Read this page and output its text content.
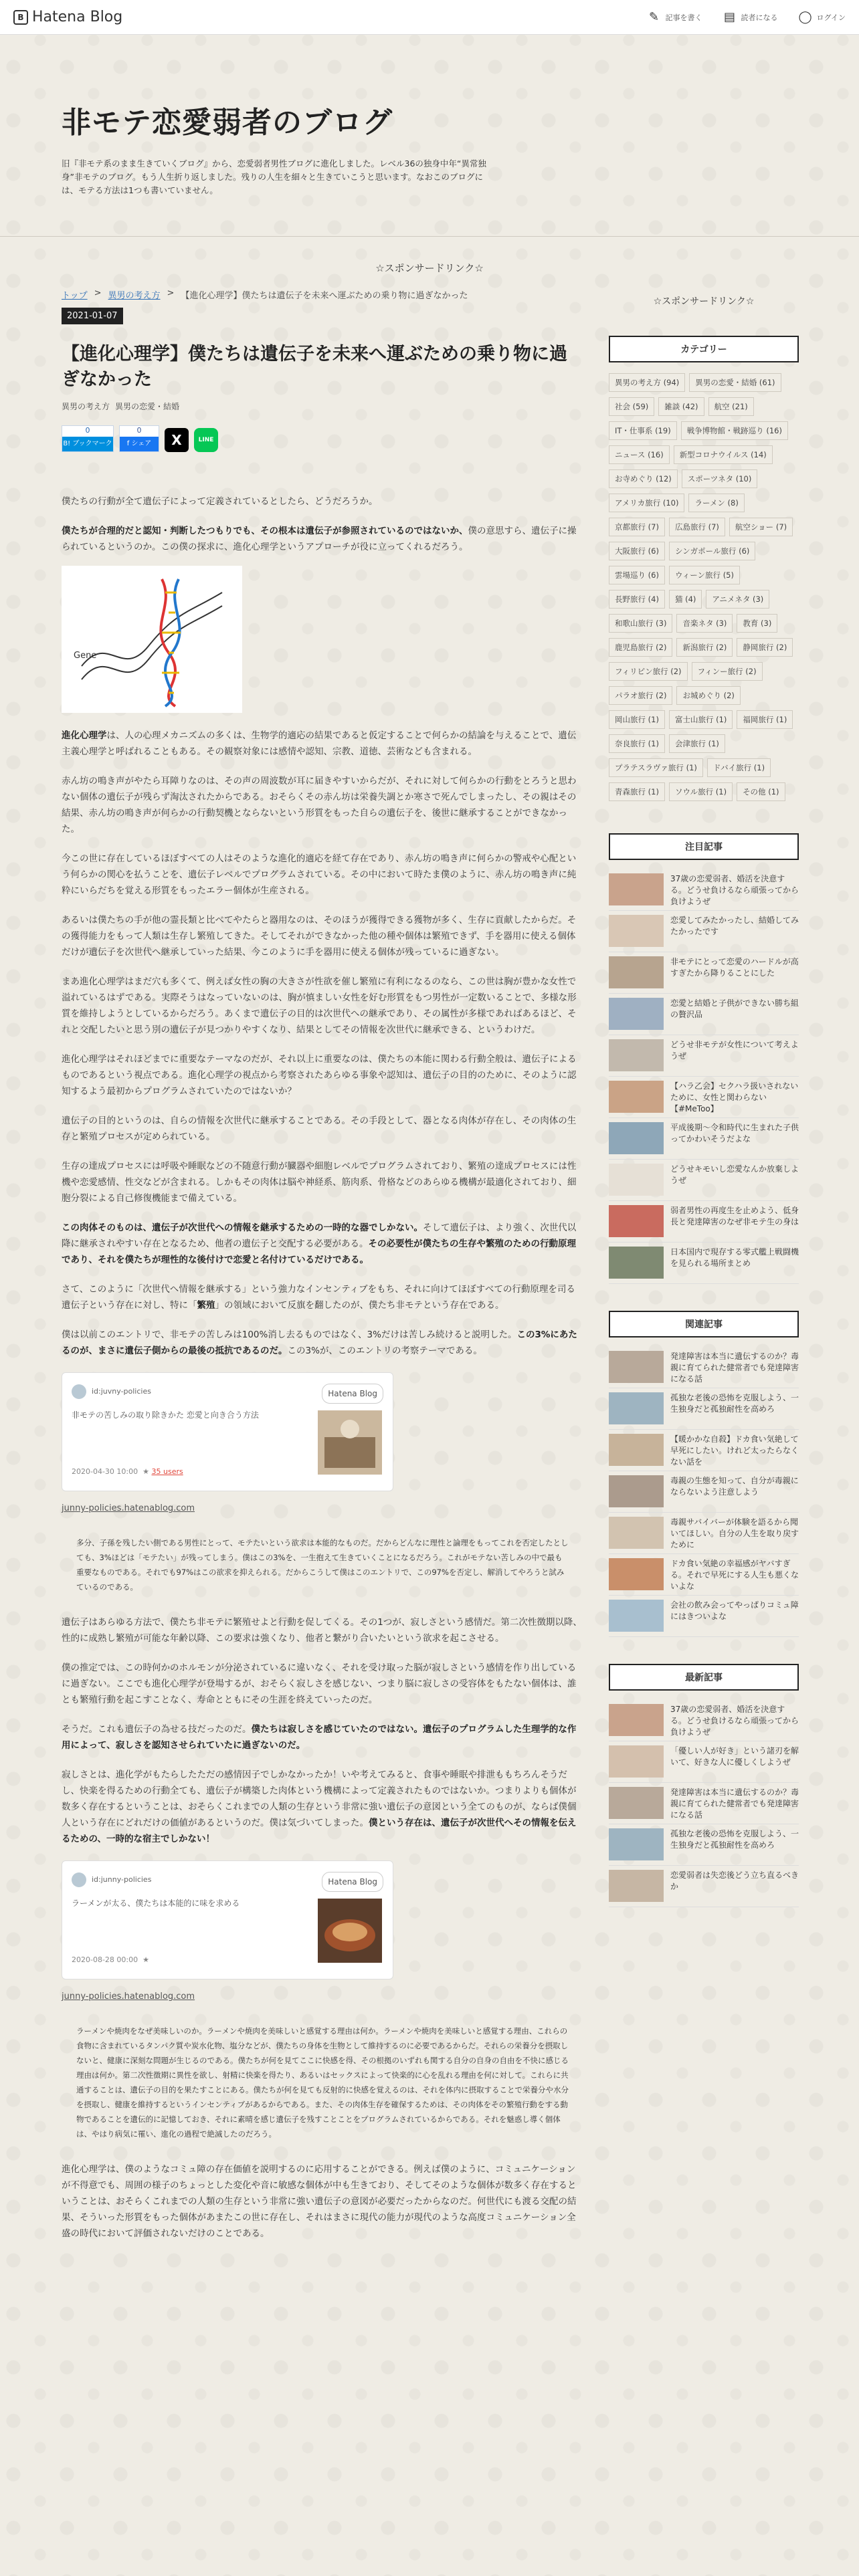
B Hatena Blog	✎ 記事を書く ▤ 読者になる ◯ ログイン
非モテ恋愛弱者のブログ
旧『非モテ系のまま生きていくブログ』から、恋愛弱者男性ブログに進化しました。レベル36の独身中年“異常独身”非モテのブログ。もう人生折り返しました。残りの人生を細々と生きていこうと思います。なおこのブログには、モテる方法は1つも書いていません。
☆スポンサードリンク☆
トップ > 異男の考え方 > 【進化心理学】僕たちは遺伝子を未来へ運ぶための乗り物に過ぎなかった
2021-01-07
【進化心理学】僕たちは遺伝子を未来へ運ぶための乗り物に過ぎなかった
異男の考え方 異男の恋愛・結婚
0
B! ブックマーク
0
f シェア	X	LINE

僕たちの行動が全て遺伝子によって定義されているとしたら、どうだろうか。

僕たちが合理的だと認知・判断したつもりでも、その根本は遺伝子が参照されているのではないか、僕の意思すら、遺伝子に操られているというのか。この僕の探求に、進化心理学というアプローチが役に立ってくれるだろう。

Gene

進化心理学は、人の心理メカニズムの多くは、生物学的適応の結果であると仮定することで何らかの結論を与えることで、遺伝主義心理学と呼ばれることもある。その観察対象には感情や認知、宗教、道徳、芸術なども含まれる。

赤ん坊の鳴き声がやたら耳障りなのは、その声の周波数が耳に届きやすいからだが、それに対して何らかの行動をとろうと思わない個体の遺伝子が残らず淘汰されたからである。おそらくその赤ん坊は栄養失調とか寒さで死んでしまったし、その親はその結果、赤ん坊の鳴き声が何らかの行動契機とならないという形質をもった自らの遺伝子を、後世に継承することができなかった。

今この世に存在しているほぼすべての人はそのような進化的適応を経て存在であり、赤ん坊の鳴き声に何らかの警戒や心配という何らかの関心を払うことを、遺伝子レベルでプログラムされている。その中において時たま僕のように、赤ん坊の鳴き声に純粋にいらだちを覚える形質をもったエラー個体が生産される。

あるいは僕たちの手が他の霊長類と比べてやたらと器用なのは、そのほうが獲得できる獲物が多く、生存に貢献したからだ。その獲得能力をもって人類は生存し繁殖してきた。そしてそれができなかった他の種や個体は繁殖できず、手を器用に使える個体だけが遺伝子を次世代へ継承していった結果、今このように手を器用に使える個体が残っているに過ぎない。

まあ進化心理学はまだ穴も多くて、例えば女性の胸の大きさが性欲を催し繁殖に有利になるのなら、この世は胸が豊かな女性で溢れているはずである。実際そうはなっていないのは、胸が慎ましい女性を好む形質をもつ男性が一定数いることで、多様な形質を維持しようとしているからだろう。あくまで遺伝子の目的は次世代への継承であり、その属性が多様であればあるほど、それと交配したいと思う別の遺伝子が見つかりやすくなり、結果としてその情報を次世代に継承できる、というわけだ。

進化心理学はそれほどまでに重要なテーマなのだが、それ以上に重要なのは、僕たちの本能に関わる行動全般は、遺伝子によるものであるという視点である。進化心理学の視点から考察されたあらゆる事象や認知は、遺伝子の目的のために、そのように認知するよう最初からプログラムされていたのではないか？

遺伝子の目的というのは、自らの情報を次世代に継承することである。その手段として、器となる肉体が存在し、その肉体の生存と繁殖プロセスが定められている。

生存の達成プロセスには呼吸や睡眠などの不随意行動が臓器や細胞レベルでプログラムされており、繁殖の達成プロセスには性機や恋愛感情、性交などが含まれる。しかもその肉体は脳や神経系、筋肉系、骨格などのあらゆる機構が最適化されており、細胞分裂による自己修復機能まで備えている。

この肉体そのものは、遺伝子が次世代への情報を継承するための一時的な器でしかない。そして遺伝子は、より強く、次世代以降に継承されやすい存在となるため、他者の遺伝子と交配する必要がある。その必要性が僕たちの生存や繁殖のための行動原理であり、それを僕たちが理性的な後付けで恋愛と名付けているだけである。

さて、このように「次世代へ情報を継承する」という強力なインセンティブをもち、それに向けてほぼすべての行動原理を司る遺伝子という存在に対し、特に「繁殖」の領域において反旗を翻したのが、僕たち非モテという存在である。

僕は以前このエントリで、非モテの苦しみは100%消し去るものではなく、3%だけは苦しみ続けると説明した。この3%にあたるのが、まさに遺伝子側からの最後の抵抗であるのだ。この3%が、このエントリの考察テーマである。

id:juvny-policies	Hatena Blog
非モテの苦しみの取り除きかた 恋愛と向き合う方法
2020-04-30 10:00 ★ 35 users

junny-policies.hatenablog.com

多分、子孫を残したい側である男性にとって、モテたいという欲求は本能的なものだ。だからどんなに理性と論理をもってこれを否定したとしても、3%ほどは「モテたい」が残ってしまう。僕はこの3%を、一生抱えて生きていくことになるだろう。これがモテない苦しみの中で最も重要なものである。それでも97%はこの欲求を抑えられる。だからこうして僕はこのエントリで、この97%を否定し、解消してやろうと試みているのである。

遺伝子はあらゆる方法で、僕たち非モテに繁殖せよと行動を促してくる。その1つが、寂しさという感情だ。第二次性徴期以降、性的に成熟し繁殖が可能な年齢以降、この要求は強くなり、他者と繋がり合いたいという欲求を起こさせる。

僕の推定では、この時何かのホルモンが分泌されているに違いなく、それを受け取った脳が寂しさという感情を作り出しているに過ぎない。ここでも進化心理学が登場するが、おそらく寂しさを感じない、つまり脳に寂しさの受容体をもたない個体は、誰とも繁殖行動を起こすことなく、寿命とともにその生涯を終えていったのだ。

そうだ。これも遺伝子の為せる技だったのだ。僕たちは寂しさを感じていたのではない。遺伝子のプログラムした生理学的な作用によって、寂しさを認知させられていたに過ぎないのだ。

寂しさとは、進化学がもたらしたただの感情因子でしかなかったか！いや考えてみると、食事や睡眠や排泄ももちろんそうだし、快楽を得るための行動全ても、遺伝子が構築した肉体という機構によって定義されたものではないか。つまりよりも個体が数多く存在するということは、おそらくこれまでの人類の生存という非常に強い遺伝子の意図という全てのものが、ならば僕個人という存在にどれだけの価値があるというのだ。僕は気づいてしまった。僕という存在は、遺伝子が次世代へその情報を伝えるための、一時的な宿主でしかない！

id:junny-policies	Hatena Blog
ラーメンが太る、僕たちは本能的に味を求める
2020-08-28 00:00 ★

junny-policies.hatenablog.com

ラーメンや焼肉をなぜ美味しいのか。ラーメンや焼肉を美味しいと感覚する理由は何か。ラーメンや焼肉を美味しいと感覚する理由、これらの食物に含まれているタンパク質や炭水化物、塩分などが、僕たちの身体を生物として維持するのに必要であるからだ。それらの栄養分を摂取しないと、健康に深刻な問題が生じるのである。僕たちが何を見てここに快感を得、その根拠のいずれも関する自分の自身の自由を不快に感じる理由は何か。第二次性徴期に異性を欲し、射精に快楽を得たり、あるいはセックスによって快楽的に心を乱れる理由を何に対して。これらに共通することは、遺伝子の目的を果たすことにある。僕たちが何を見ても反射的に快感を覚えるのは、それを体内に摂取することで栄養分や水分を摂取し、健康を維持するというインセンティブがあるからである。また、その肉体生存を確保するためは、その肉体をその繁殖行動をする動物であることを遺伝的に記憶しておき、それに素晴を感じ遺伝子を残すことことをプログラムされているからである。それを魅惑し導く個体は、やはり病気に罹い、進化の過程で絶滅したのだろう。

進化心理学は、僕のようなコミュ障の存在価値を説明するのに応用することができる。例えば僕のように、コミュニケーションが不得意でも、周囲の様子のちょっとした変化や音に敏感な個体が中も生きており、そしてそのような個体が数多く存在するということは、おそらくこれまでの人類の生存という非常に強い遺伝子の意図が必要だったからなのだ。何世代にも渡る交配の結果、そういった形質をもった個体があまたこの世に存在し、それはまさに現代の能力が現代のような高度コミュニケーション全盛の時代において評価されないだけのことである。

☆スポンサードリンク☆
カテゴリー
異男の考え方 (94)	異男の恋愛・結婚 (61)
社会 (59)	雑談 (42)	航空 (21)
IT・仕事系 (19)	戦争博物館・戦跡巡り (16)
ニュース (16)	新型コロナウイルス (14)
お寺めぐり (12)	スポーツネタ (10)
アメリカ旅行 (10)	ラーメン (8)
京都旅行 (7)	広島旅行 (7)	航空ショー (7)
大阪旅行 (6)	シンガポール旅行 (6)
雲場巡り (6)	ウィーン旅行 (5)
長野旅行 (4)	猫 (4)	アニメネタ (3)
和歌山旅行 (3)	音楽ネタ (3)	教育 (3)
鹿児島旅行 (2)	新潟旅行 (2)	静岡旅行 (2)
フィリピン旅行 (2)	フィンー旅行 (2)
パラオ旅行 (2)	お城めぐり (2)
岡山旅行 (1)	富士山旅行 (1)	福岡旅行 (1)
奈良旅行 (1)	会津旅行 (1)
プラテスラヴァ旅行 (1)	ドバイ旅行 (1)
青森旅行 (1)	ソウル旅行 (1)	その他 (1)
注目記事
37歳の恋愛弱者、婚活を決意する。どうせ負けるなら頑張ってから負けようぜ
恋愛してみたかったし、結婚してみたかったです
非モテにとって恋愛のハードルが高すぎたから降りることにした
恋愛と結婚と子供ができない勝ち組の贅沢品
どうせ非モテが女性について考えようぜ
【ハラ乙会】セクハラ扱いされないために、女性と関わらない【#MeToo】
平成後期〜令和時代に生まれた子供ってかわいそうだよな
どうせキモいし恋愛なんか放棄しようぜ
弱者男性の再度生を止めよう、低身長と発達障害のなぜ非モテ生の身は
日本国内で現存する零式艦上戦闘機を見られる場所まとめ
関連記事
発達障害は本当に遺伝するのか？毒親に育てられた健常者でも発達障害になる話
孤独な老後の恐怖を克服しよう、一生独身だと孤独耐性を高めろ
【暖かかな自殺】ドカ食い気絶して早死にしたい。けれど太ったらなくない話を
毒親の生態を知って、自分が毒親にならないよう注意しよう
毒親サバイバーが体験を語るから聞いてほしい。自分の人生を取り戻すために
ドカ食い気絶の幸福感がヤバすぎる。それで早死にする人生も悪くないよな
会社の飲み会ってやっぱりコミュ障にはきついよな
最新記事
37歳の恋愛弱者、婚活を決意する。どうせ負けるなら頑張ってから負けようぜ
「優しい人が好き」という諸刃を解いて、好きな人に優しくしようぜ
発達障害は本当に遺伝するのか？毒親に育てられた健常者でも発達障害になる話
孤独な老後の恐怖を克服しよう、一生独身だと孤独耐性を高めろ
恋愛弱者は失恋後どう立ち直るべきか
